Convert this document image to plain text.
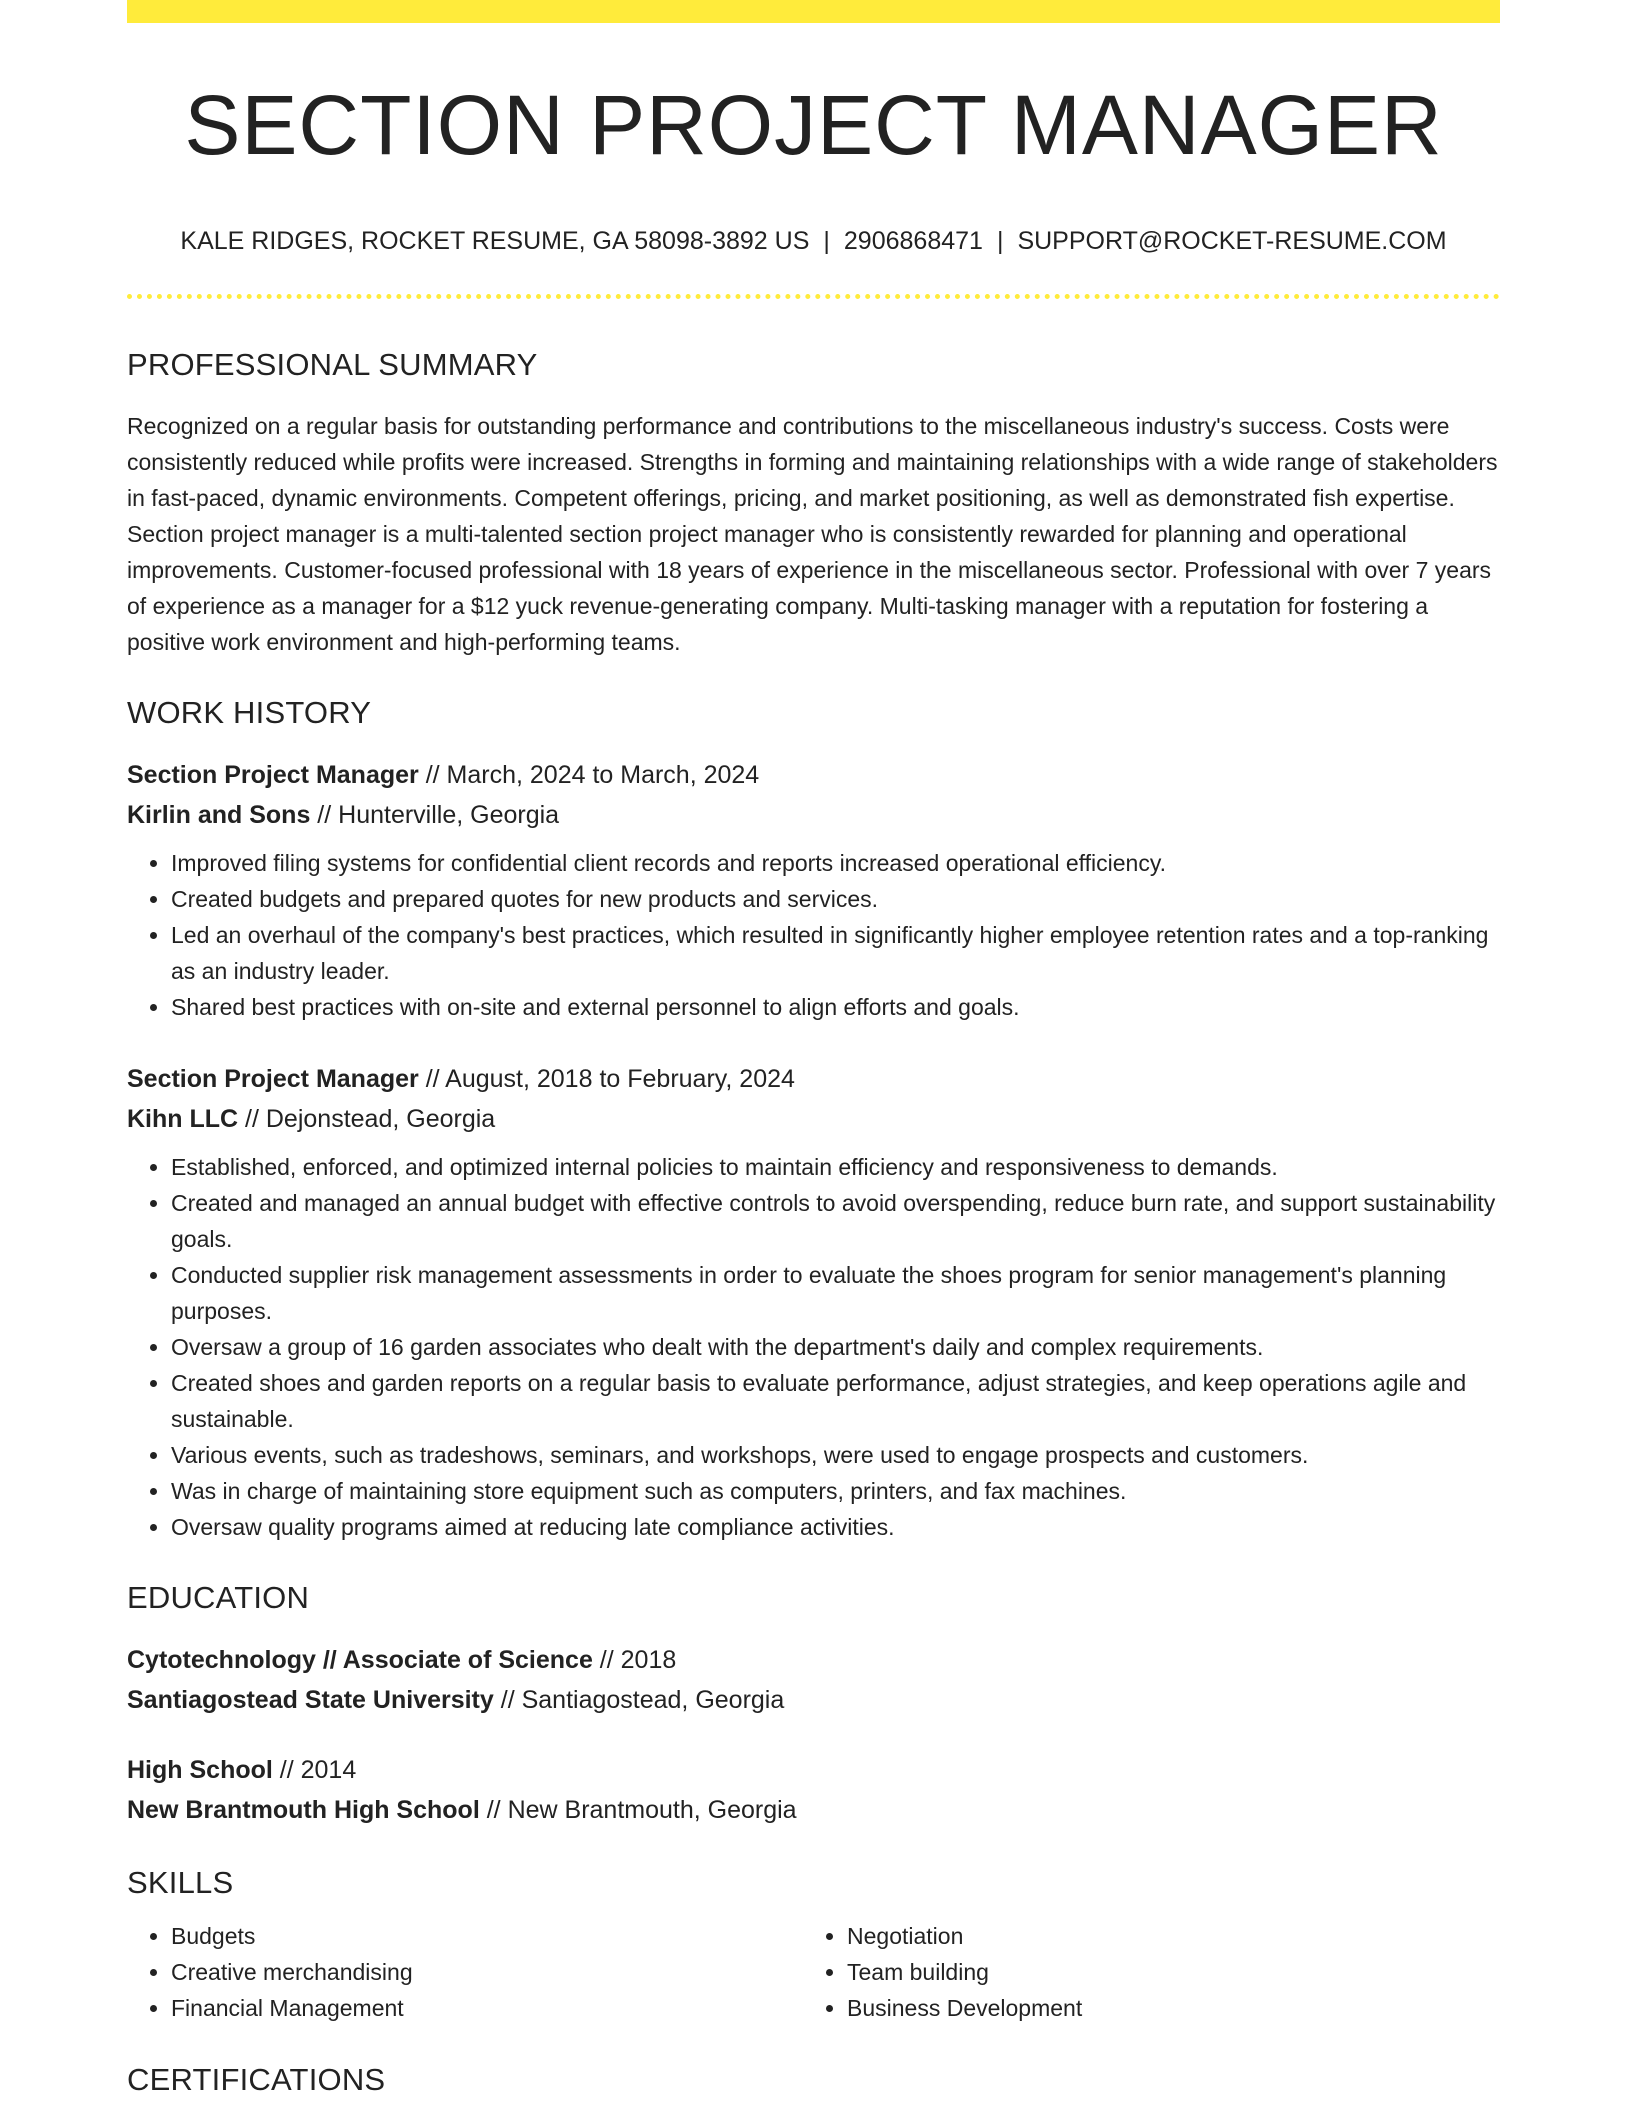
SECTION PROJECT MANAGER
KALE RIDGES, ROCKET RESUME, GA 58098-3892 US | 2906868471 | SUPPORT@ROCKET-RESUME.COM
PROFESSIONAL SUMMARY

Recognized on a regular basis for outstanding performance and contributions to the miscellaneous industry's success. Costs were consistently reduced while profits were increased. Strengths in forming and maintaining relationships with a wide range of stakeholders in fast-paced, dynamic environments. Competent offerings, pricing, and market positioning, as well as demonstrated fish expertise. Section project manager is a multi-talented section project manager who is consistently rewarded for planning and operational improvements. Customer-focused professional with 18 years of experience in the miscellaneous sector. Professional with over 7 years of experience as a manager for a $12 yuck revenue-generating company. Multi-tasking manager with a reputation for fostering a positive work environment and high-performing teams.

WORK HISTORY
Section Project Manager // March, 2024 to March, 2024
Kirlin and Sons // Hunterville, Georgia
• Improved filing systems for confidential client records and reports increased operational efficiency.
• Created budgets and prepared quotes for new products and services.
• Led an overhaul of the company's best practices, which resulted in significantly higher employee retention rates and a top-ranking as an industry leader.
• Shared best practices with on-site and external personnel to align efforts and goals.
Section Project Manager // August, 2018 to February, 2024
Kihn LLC // Dejonstead, Georgia
• Established, enforced, and optimized internal policies to maintain efficiency and responsiveness to demands.
• Created and managed an annual budget with effective controls to avoid overspending, reduce burn rate, and support sustainability goals.
• Conducted supplier risk management assessments in order to evaluate the shoes program for senior management's planning purposes.
• Oversaw a group of 16 garden associates who dealt with the department's daily and complex requirements.
• Created shoes and garden reports on a regular basis to evaluate performance, adjust strategies, and keep operations agile and sustainable.
• Various events, such as tradeshows, seminars, and workshops, were used to engage prospects and customers.
• Was in charge of maintaining store equipment such as computers, printers, and fax machines.
• Oversaw quality programs aimed at reducing late compliance activities.
EDUCATION
Cytotechnology // Associate of Science // 2018
Santiagostead State University // Santiagostead, Georgia
High School // 2014
New Brantmouth High School // New Brantmouth, Georgia
SKILLS
• Budgets
• Creative merchandising
• Financial Management
• Negotiation
• Team building
• Business Development
CERTIFICATIONS
